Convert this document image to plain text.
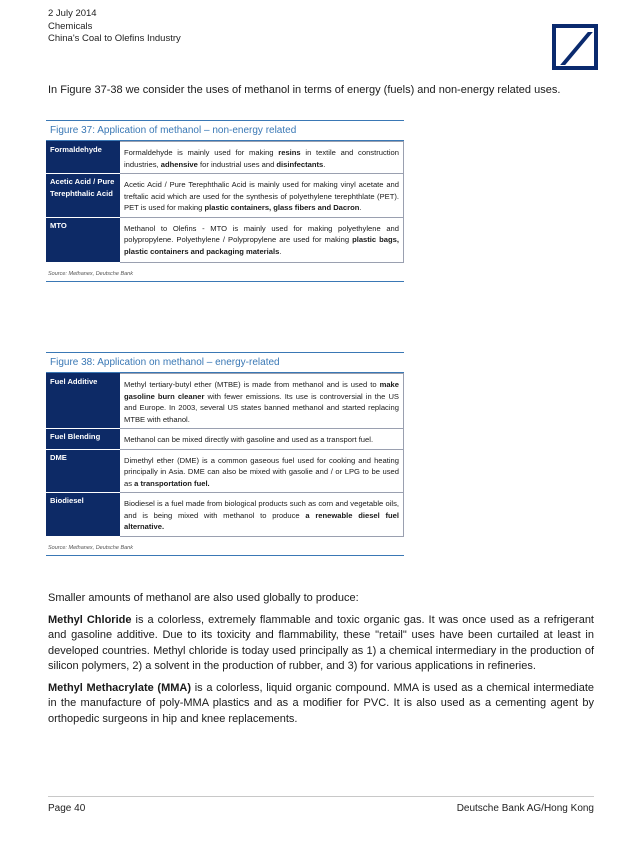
2 July 2014
Chemicals
China's Coal to Olefins Industry
In Figure 37-38 we consider the uses of methanol in terms of energy (fuels) and non-energy related uses.
Figure 37: Application of methanol – non-energy related
Formaldehyde	Formaldehyde is mainly used for making resins in textile and construction industries, adhensive for industrial uses and disinfectants.
Acetic Acid / Pure Terephthalic Acid	Acetic Acid / Pure Terephthalic Acid is mainly used for making vinyl acetate and treftalic acid which are used for the synthesis of polyethylene terephthlate (PET). PET is used for making plastic containers, glass fibers and Dacron.
MTO	Methanol to Olefins - MTO is mainly used for making polyethylene and polypropylene. Polyethylene / Polypropylene are used for making plastic bags, plastic containers and packaging materials.
Source: Methanex, Deutsche Bank
Figure 38: Application on methanol – energy-related
Fuel Additive	Methyl tertiary-butyl ether (MTBE) is made from methanol and is used to make gasoline burn cleaner with fewer emissions. Its use is controversial in the US and Europe. In 2003, several US states banned methanol and started replacing MTBE with ethanol.
Fuel Blending	Methanol can be mixed directly with gasoline and used as a transport fuel.
DME	Dimethyl ether (DME) is a common gaseous fuel used for cooking and heating principally in Asia. DME can also be mixed with gasolie and / or LPG to be used as a transportation fuel.
Biodiesel	Biodiesel is a fuel made from biological products such as corn and vegetable oils, and is being mixed with methanol to produce a renewable diesel fuel alternative.
Source: Methanex, Deutsche Bank

Smaller amounts of methanol are also used globally to produce:

Methyl Chloride is a colorless, extremely flammable and toxic organic gas. It was once used as a refrigerant and gasoline additive. Due to its toxicity and flammability, these "retail" uses have been curtailed at least in developed countries. Methyl chloride is today used principally as 1) a chemical intermediary in the production of silicon polymers, 2) a solvent in the production of rubber, and 3) for various applications in refineries.

Methyl Methacrylate (MMA) is a colorless, liquid organic compound. MMA is used as a chemical intermediate in the manufacture of poly-MMA plastics and as a modifier for PVC. It is also used as a cementing agent by orthopedic surgeons in hip and knee replacements.

Page 40	Deutsche Bank AG/Hong Kong
